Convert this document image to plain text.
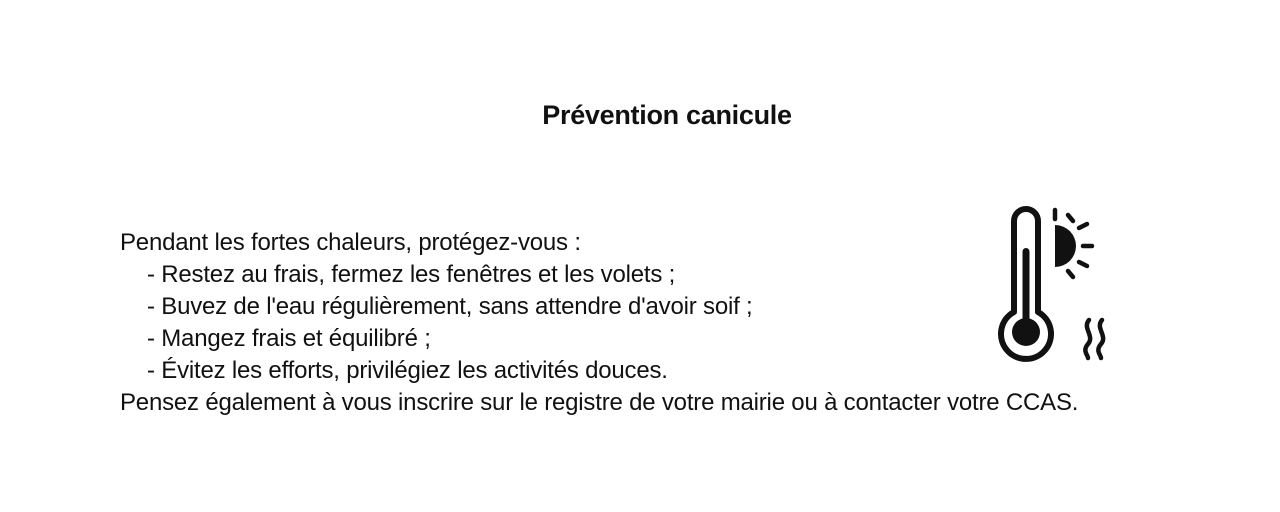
Prévention canicule
Pendant les fortes chaleurs, protégez-vous :
- Restez au frais, fermez les fenêtres et les volets ;
- Buvez de l'eau régulièrement, sans attendre d'avoir soif ;
- Mangez frais et équilibré ;
- Évitez les efforts, privilégiez les activités douces.
Pensez également à vous inscrire sur le registre de votre mairie ou à contacter votre CCAS.
